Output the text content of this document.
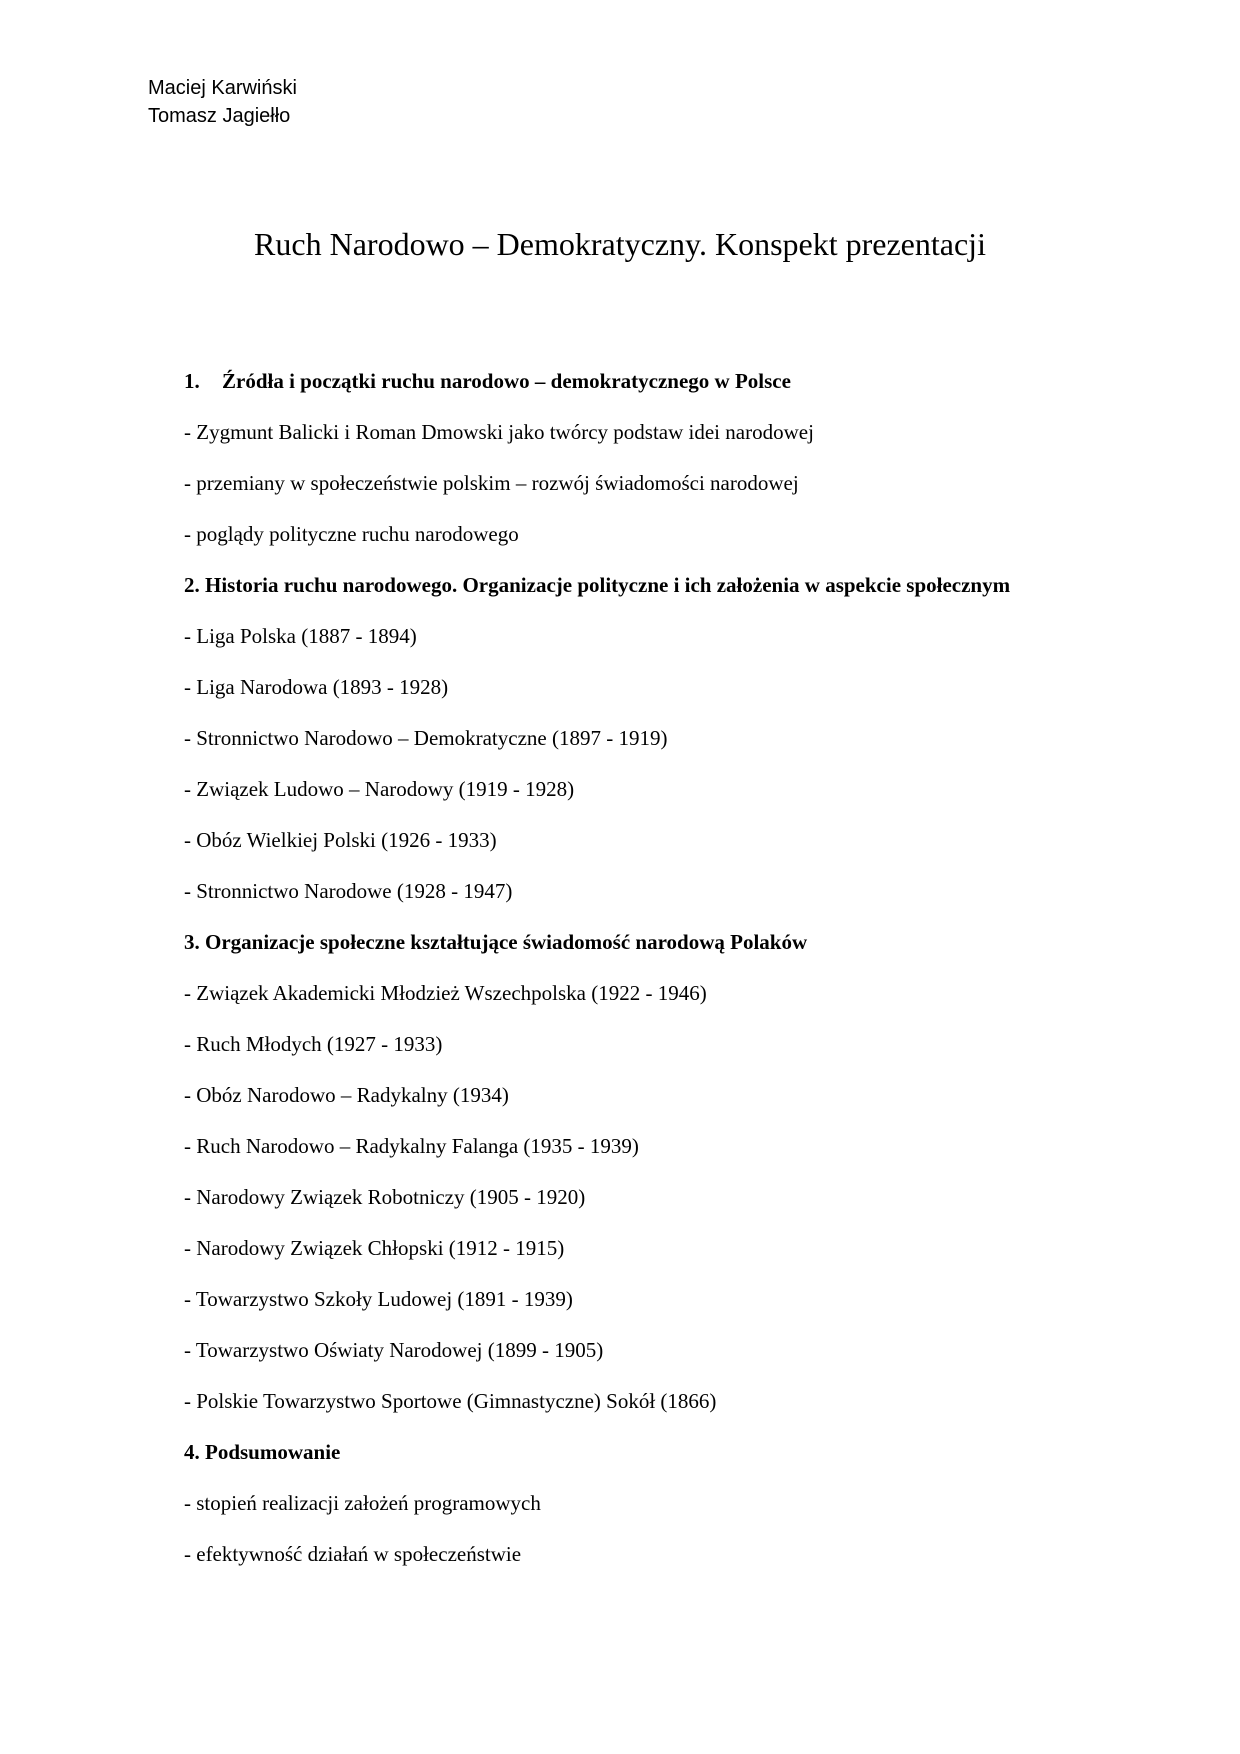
Maciej Karwiński
Tomasz Jagiełło
Ruch Narodowo – Demokratyczny. Konspekt prezentacji
1. Źródła i początki ruchu narodowo – demokratycznego w Polsce
- Zygmunt Balicki i Roman Dmowski jako twórcy podstaw idei narodowej
- przemiany w społeczeństwie polskim – rozwój świadomości narodowej
- poglądy polityczne ruchu narodowego
2. Historia ruchu narodowego. Organizacje polityczne i ich założenia w aspekcie społecznym
- Liga Polska (1887 - 1894)
- Liga Narodowa (1893 - 1928)
- Stronnictwo Narodowo – Demokratyczne (1897 - 1919)
- Związek Ludowo – Narodowy (1919 - 1928)
- Obóz Wielkiej Polski (1926 - 1933)
- Stronnictwo Narodowe (1928 - 1947)
3. Organizacje społeczne kształtujące świadomość narodową Polaków
- Związek Akademicki Młodzież Wszechpolska (1922 - 1946)
- Ruch Młodych (1927 - 1933)
- Obóz Narodowo – Radykalny (1934)
- Ruch Narodowo – Radykalny Falanga (1935 - 1939)
- Narodowy Związek Robotniczy (1905 - 1920)
- Narodowy Związek Chłopski (1912 - 1915)
- Towarzystwo Szkoły Ludowej (1891 - 1939)
- Towarzystwo Oświaty Narodowej (1899 - 1905)
- Polskie Towarzystwo Sportowe (Gimnastyczne) Sokół (1866)
4. Podsumowanie
- stopień realizacji założeń programowych
- efektywność działań w społeczeństwie
